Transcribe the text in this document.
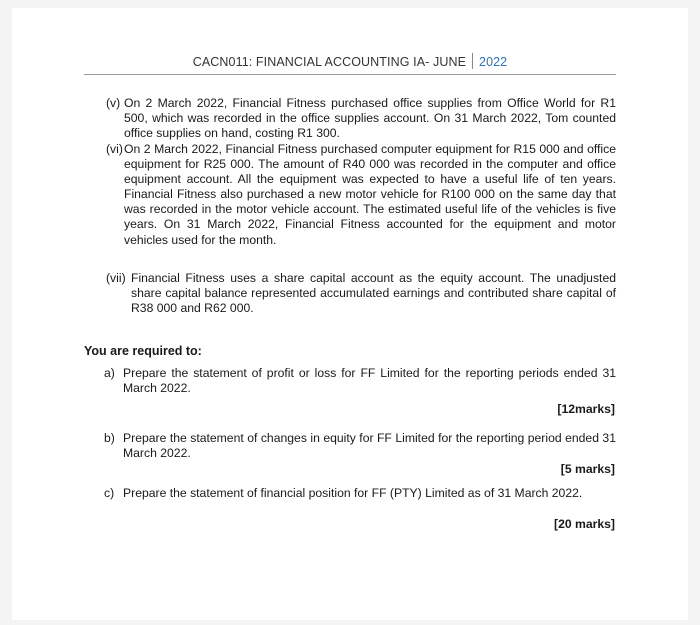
CACN011: FINANCIAL ACCOUNTING IA- JUNE 2022
(v) On 2 March 2022, Financial Fitness purchased office supplies from Office World for R1 500, which was recorded in the office supplies account. On 31 March 2022, Tom counted office supplies on hand, costing R1 300.
(vi) On 2 March 2022, Financial Fitness purchased computer equipment for R15 000 and office equipment for R25 000. The amount of R40 000 was recorded in the computer and office equipment account. All the equipment was expected to have a useful life of ten years. Financial Fitness also purchased a new motor vehicle for R100 000 on the same day that was recorded in the motor vehicle account. The estimated useful life of the vehicles is five years. On 31 March 2022, Financial Fitness accounted for the equipment and motor vehicles used for the month.
(vii) Financial Fitness uses a share capital account as the equity account. The unadjusted share capital balance represented accumulated earnings and contributed share capital of R38 000 and R62 000.
You are required to:
a) Prepare the statement of profit or loss for FF Limited for the reporting periods ended 31 March 2022.
[12marks]
b) Prepare the statement of changes in equity for FF Limited for the reporting period ended 31 March 2022.
[5 marks]
c) Prepare the statement of financial position for FF (PTY) Limited as of 31 March 2022.
[20 marks]
